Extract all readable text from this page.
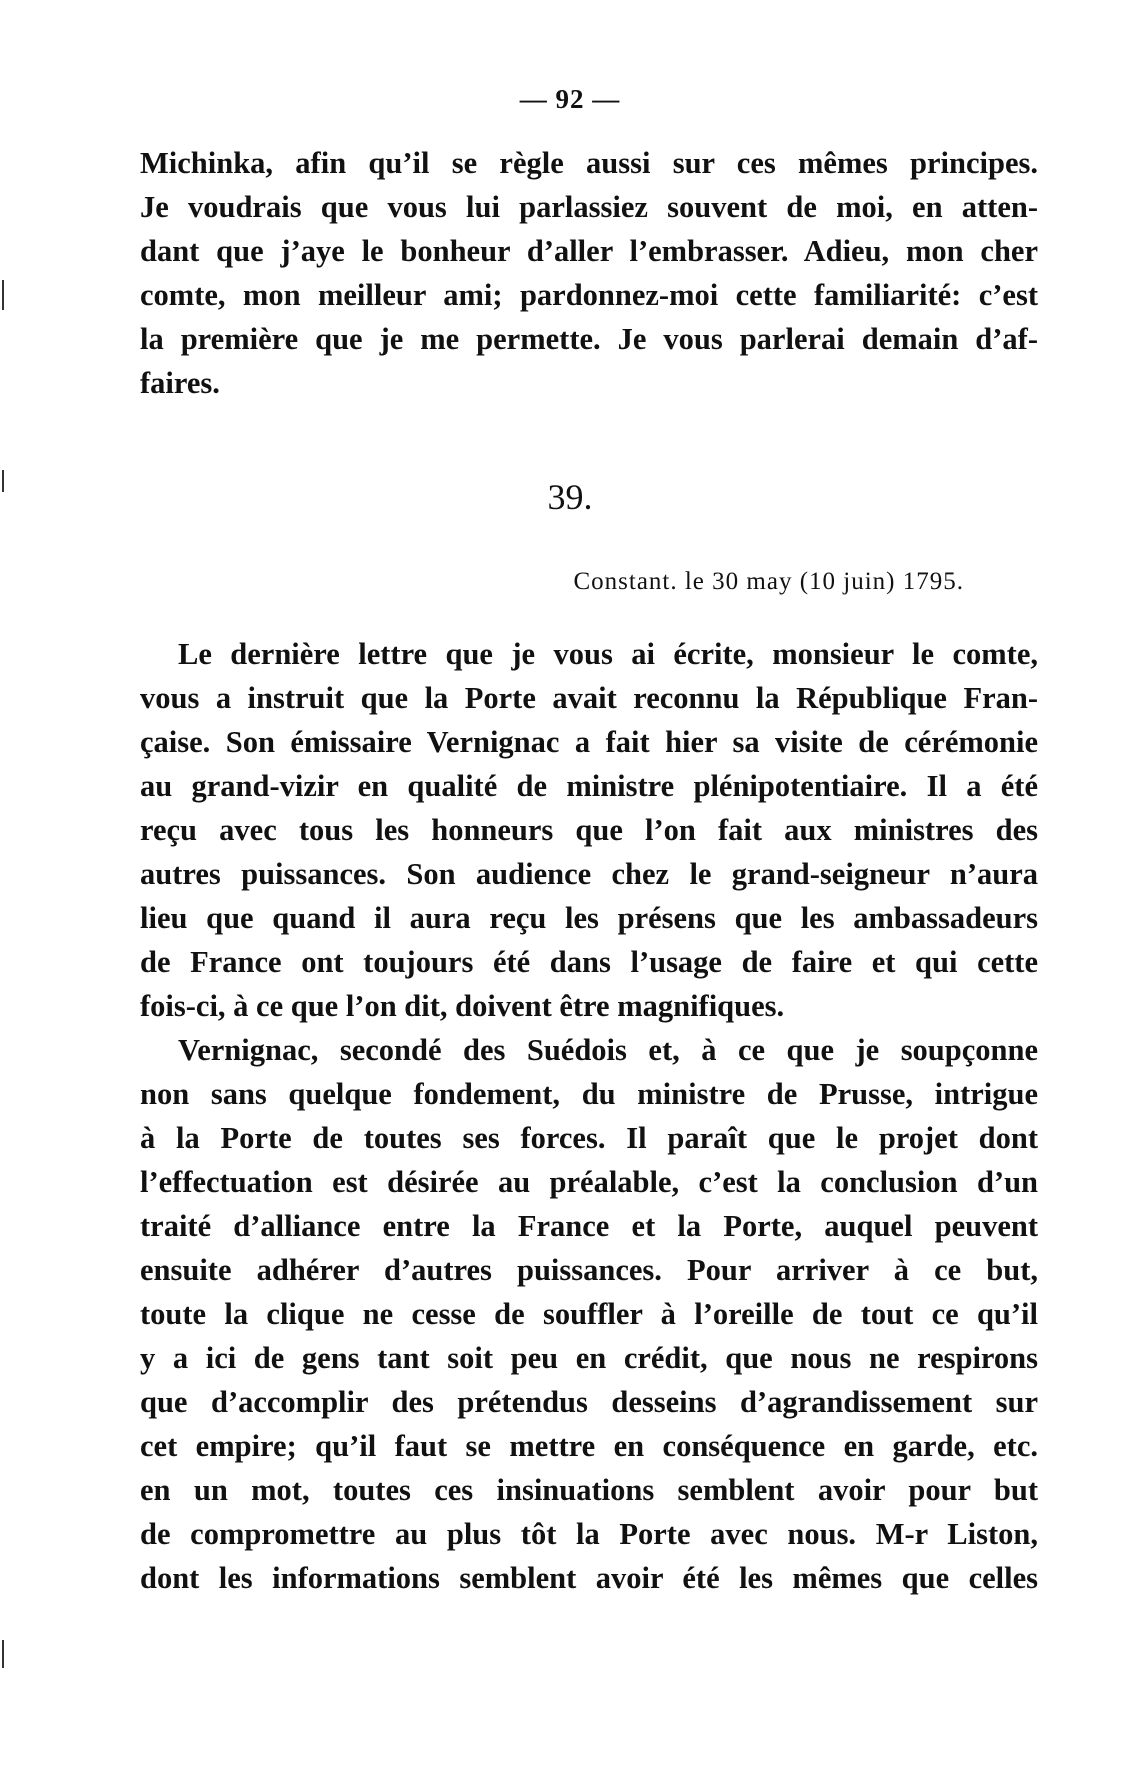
— 92 —
Michinka, afin qu’il se règle aussi sur ces mêmes principes.
Je voudrais que vous lui parlassiez souvent de moi, en atten-
dant que j’aye le bonheur d’aller l’embrasser. Adieu, mon cher
comte, mon meilleur ami; pardonnez-moi cette familiarité: c’est
la première que je me permette. Je vous parlerai demain d’af-
faires.
39.
Constant. le 30 may (10 juin) 1795.
Le dernière lettre que je vous ai écrite, monsieur le comte,
vous a instruit que la Porte avait reconnu la République Fran-
çaise. Son émissaire Vernignac a fait hier sa visite de cérémonie
au grand-vizir en qualité de ministre plénipotentiaire. Il a été
reçu avec tous les honneurs que l’on fait aux ministres des
autres puissances. Son audience chez le grand-seigneur n’aura
lieu que quand il aura reçu les présens que les ambassadeurs
de France ont toujours été dans l’usage de faire et qui cette
fois-ci, à ce que l’on dit, doivent être magnifiques.
Vernignac, secondé des Suédois et, à ce que je soupçonne
non sans quelque fondement, du ministre de Prusse, intrigue
à la Porte de toutes ses forces. Il paraît que le projet dont
l’effectuation est désirée au préalable, c’est la conclusion d’un
traité d’alliance entre la France et la Porte, auquel peuvent
ensuite adhérer d’autres puissances. Pour arriver à ce but,
toute la clique ne cesse de souffler à l’oreille de tout ce qu’il
y a ici de gens tant soit peu en crédit, que nous ne respirons
que d’accomplir des prétendus desseins d’agrandissement sur
cet empire; qu’il faut se mettre en conséquence en garde, etc.
en un mot, toutes ces insinuations semblent avoir pour but
de compromettre au plus tôt la Porte avec nous. M-r Liston,
dont les informations semblent avoir été les mêmes que celles
